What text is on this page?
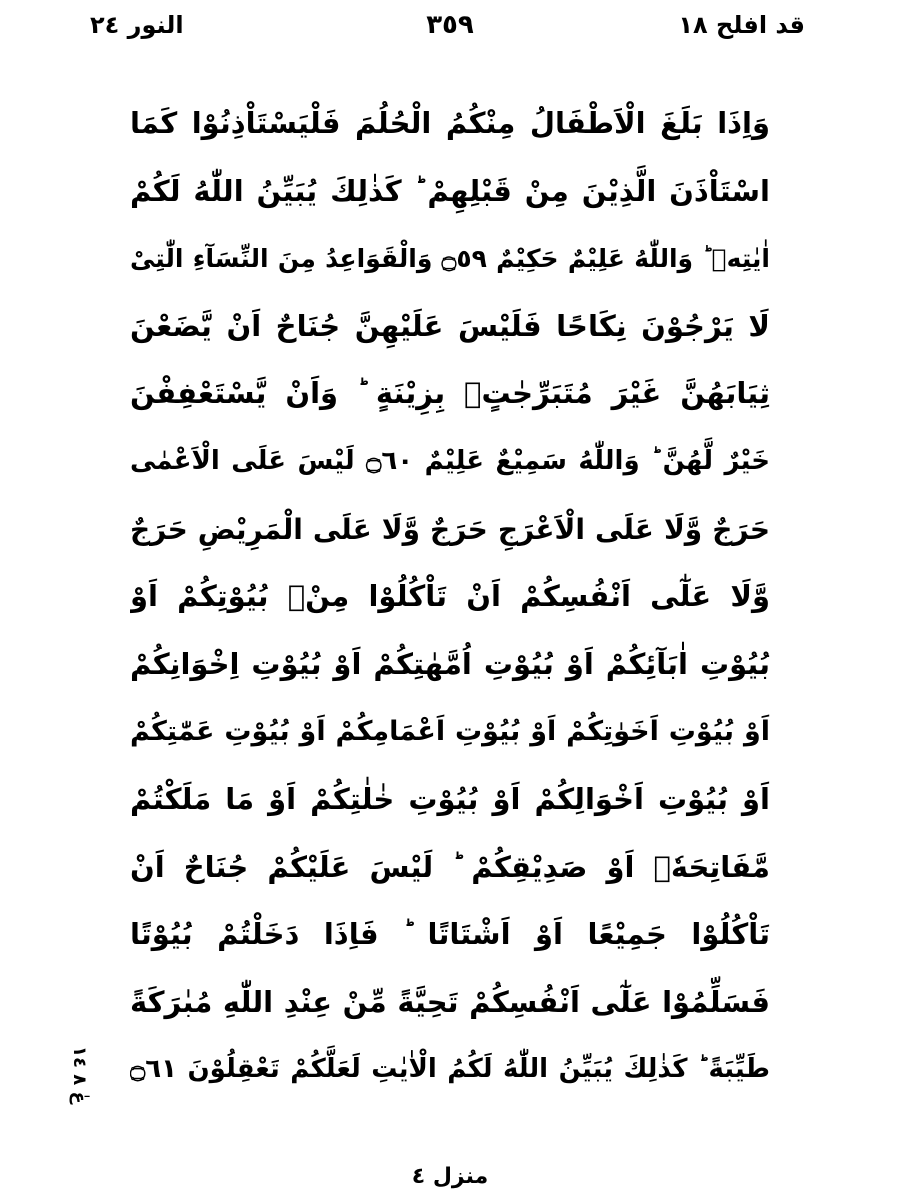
قد افلح ١٨
٣٥٩
النور ٢٤
وَاِذَا بَلَغَ الْاَطْفَالُ مِنْكُمُ الْحُلُمَ فَلْيَسْتَاْذِنُوْا كَمَا
اسْتَاْذَنَ الَّذِيْنَ مِنْ قَبْلِهِمْ ؕ كَذٰلِكَ يُبَيِّنُ اللّٰهُ لَكُمْ
اٰيٰتِهٖ ؕ وَاللّٰهُ عَلِيْمٌ حَكِيْمٌ ۝٥٩ وَالْقَوَاعِدُ مِنَ النِّسَآءِ الّٰتِىْ
لَا يَرْجُوْنَ نِكَاحًا فَلَيْسَ عَلَيْهِنَّ جُنَاحٌ اَنْ يَّضَعْنَ
ثِيَابَهُنَّ غَيْرَ مُتَبَرِّجٰتٍۭ بِزِيْنَةٍ ؕ وَاَنْ يَّسْتَعْفِفْنَ
خَيْرٌ لَّهُنَّ ؕ وَاللّٰهُ سَمِيْعٌ عَلِيْمٌ ۝٦٠ لَيْسَ عَلَى الْاَعْمٰى
حَرَجٌ وَّلَا عَلَى الْاَعْرَجِ حَرَجٌ وَّلَا عَلَى الْمَرِيْضِ حَرَجٌ
وَّلَا عَلٰٓى اَنْفُسِكُمْ اَنْ تَاْكُلُوْا مِنْۢ بُيُوْتِكُمْ اَوْ
بُيُوْتِ اٰبَآئِكُمْ اَوْ بُيُوْتِ اُمَّهٰتِكُمْ اَوْ بُيُوْتِ اِخْوَانِكُمْ
اَوْ بُيُوْتِ اَخَوٰتِكُمْ اَوْ بُيُوْتِ اَعْمَامِكُمْ اَوْ بُيُوْتِ عَمّٰتِكُمْ
اَوْ بُيُوْتِ اَخْوَالِكُمْ اَوْ بُيُوْتِ خٰلٰتِكُمْ اَوْ مَا مَلَكْتُمْ
مَّفَاتِحَهٗۤ اَوْ صَدِيْقِكُمْ ؕ لَيْسَ عَلَيْكُمْ جُنَاحٌ اَنْ
تَاْكُلُوْا جَمِيْعًا اَوْ اَشْتَاتًا ؕ فَاِذَا دَخَلْتُمْ بُيُوْتًا
فَسَلِّمُوْا عَلٰٓى اَنْفُسِكُمْ تَحِيَّةً مِّنْ عِنْدِ اللّٰهِ مُبٰرَكَةً
طَيِّبَةً ؕ كَذٰلِكَ يُبَيِّنُ اللّٰهُ لَكُمُ الْاٰيٰتِ لَعَلَّكُمْ تَعْقِلُوْنَ ۝٦١
عٰ ٨ ١٤
منزل ٤
